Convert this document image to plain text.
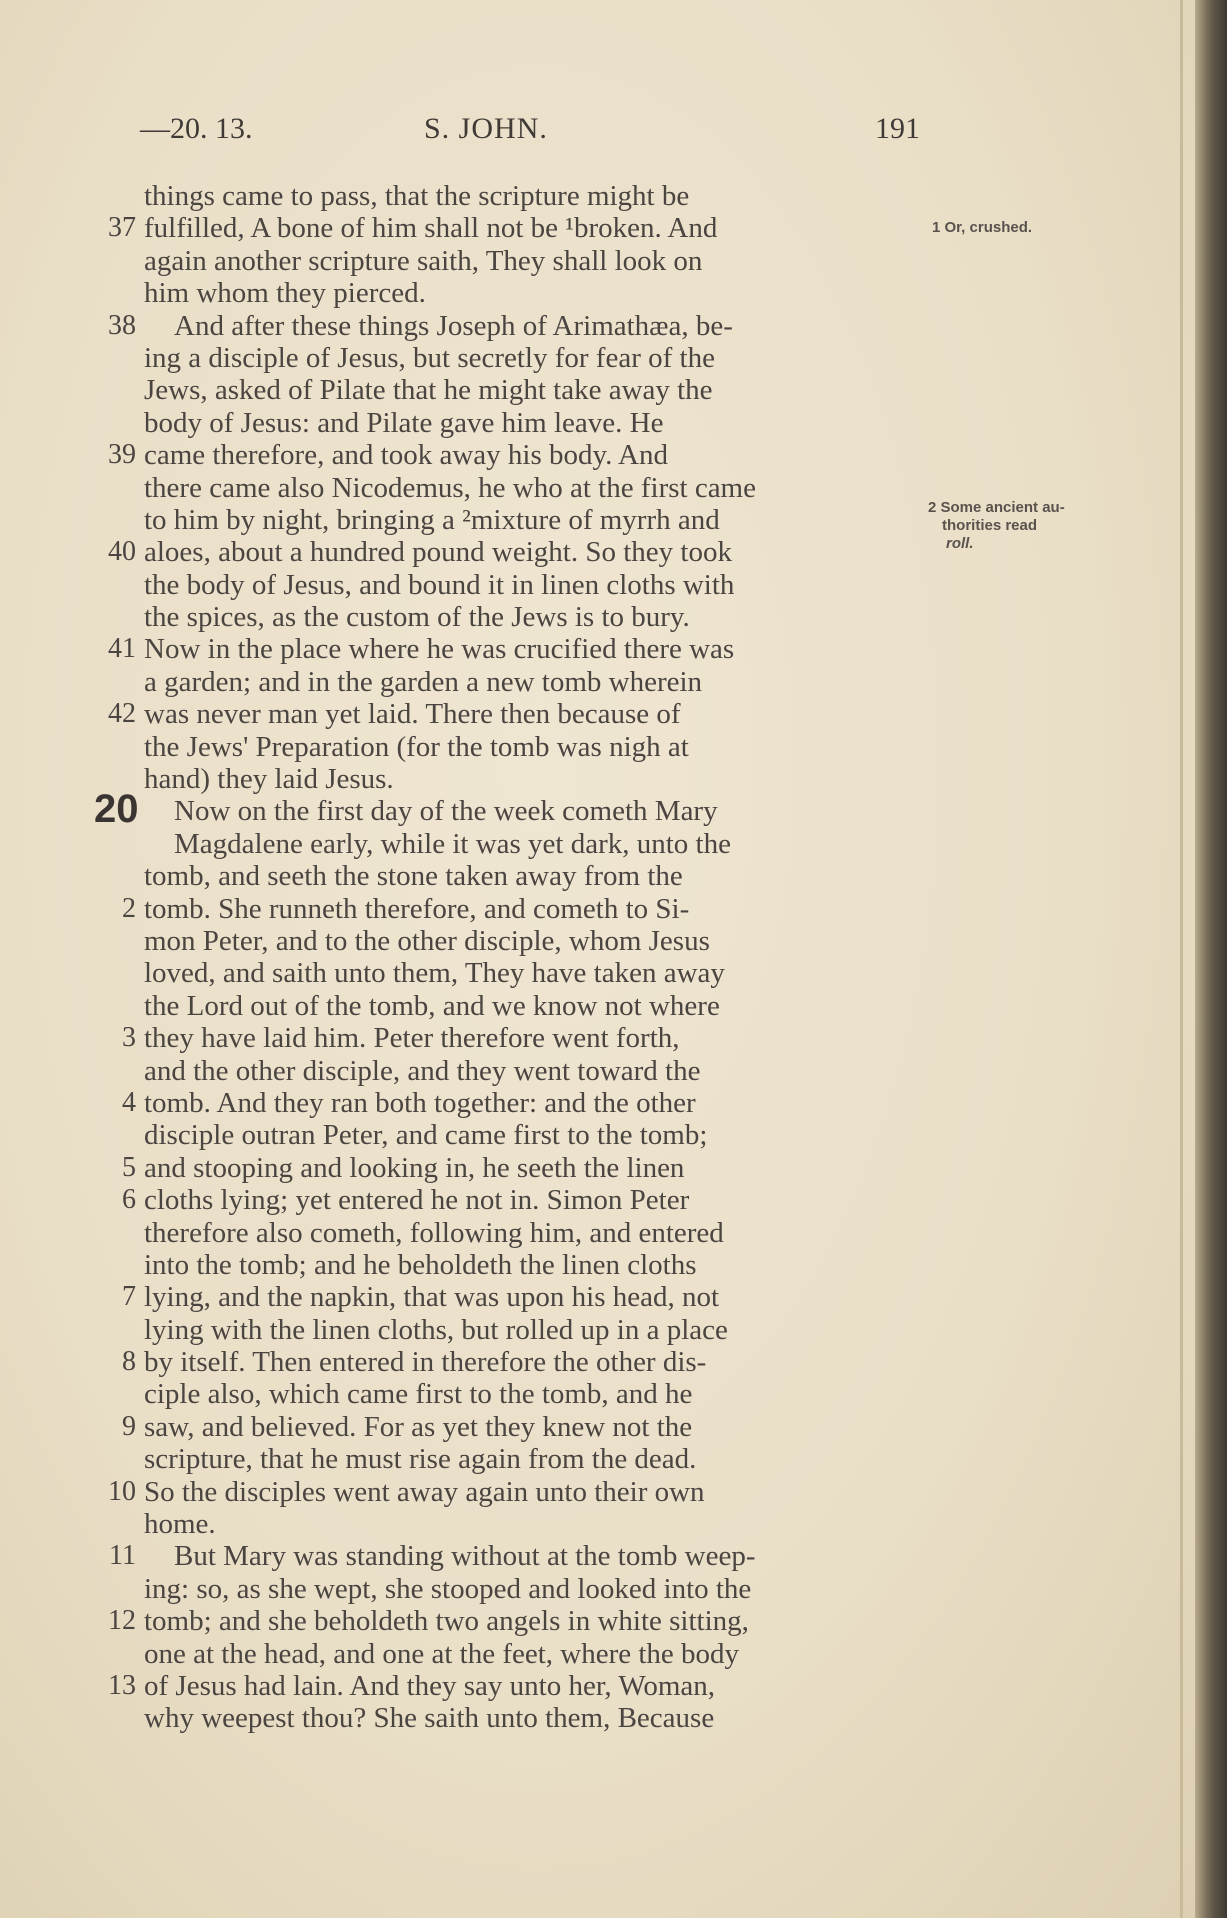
—20. 13.	S. JOHN.	191
things came to pass, that the scripture might be
37 fulfilled, A bone of him shall not be ¹broken. And
again another scripture saith, They shall look on
him whom they pierced.
38 And after these things Joseph of Arimathæa, be-
ing a disciple of Jesus, but secretly for fear of the
Jews, asked of Pilate that he might take away the
body of Jesus: and Pilate gave him leave. He
39 came therefore, and took away his body. And
there came also Nicodemus, he who at the first came
to him by night, bringing a ²mixture of myrrh and
40 aloes, about a hundred pound weight. So they took
the body of Jesus, and bound it in linen cloths with
the spices, as the custom of the Jews is to bury.
41 Now in the place where he was crucified there was
a garden; and in the garden a new tomb wherein
42 was never man yet laid. There then because of
the Jews' Preparation (for the tomb was nigh at
hand) they laid Jesus.
20 Now on the first day of the week cometh Mary
Magdalene early, while it was yet dark, unto the
tomb, and seeth the stone taken away from the
2 tomb. She runneth therefore, and cometh to Si-
mon Peter, and to the other disciple, whom Jesus
loved, and saith unto them, They have taken away
the Lord out of the tomb, and we know not where
3 they have laid him. Peter therefore went forth,
and the other disciple, and they went toward the
4 tomb. And they ran both together: and the other
disciple outran Peter, and came first to the tomb;
5 and stooping and looking in, he seeth the linen
6 cloths lying; yet entered he not in. Simon Peter
therefore also cometh, following him, and entered
into the tomb; and he beholdeth the linen cloths
7 lying, and the napkin, that was upon his head, not
lying with the linen cloths, but rolled up in a place
8 by itself. Then entered in therefore the other dis-
ciple also, which came first to the tomb, and he
9 saw, and believed. For as yet they knew not the
scripture, that he must rise again from the dead.
10 So the disciples went away again unto their own
home.
11 But Mary was standing without at the tomb weep-
ing: so, as she wept, she stooped and looked into the
12 tomb; and she beholdeth two angels in white sitting,
one at the head, and one at the feet, where the body
13 of Jesus had lain. And they say unto her, Woman,
why weepest thou? She saith unto them, Because
1 Or, crushed.
2 Some ancient au-
thorities read
roll.
